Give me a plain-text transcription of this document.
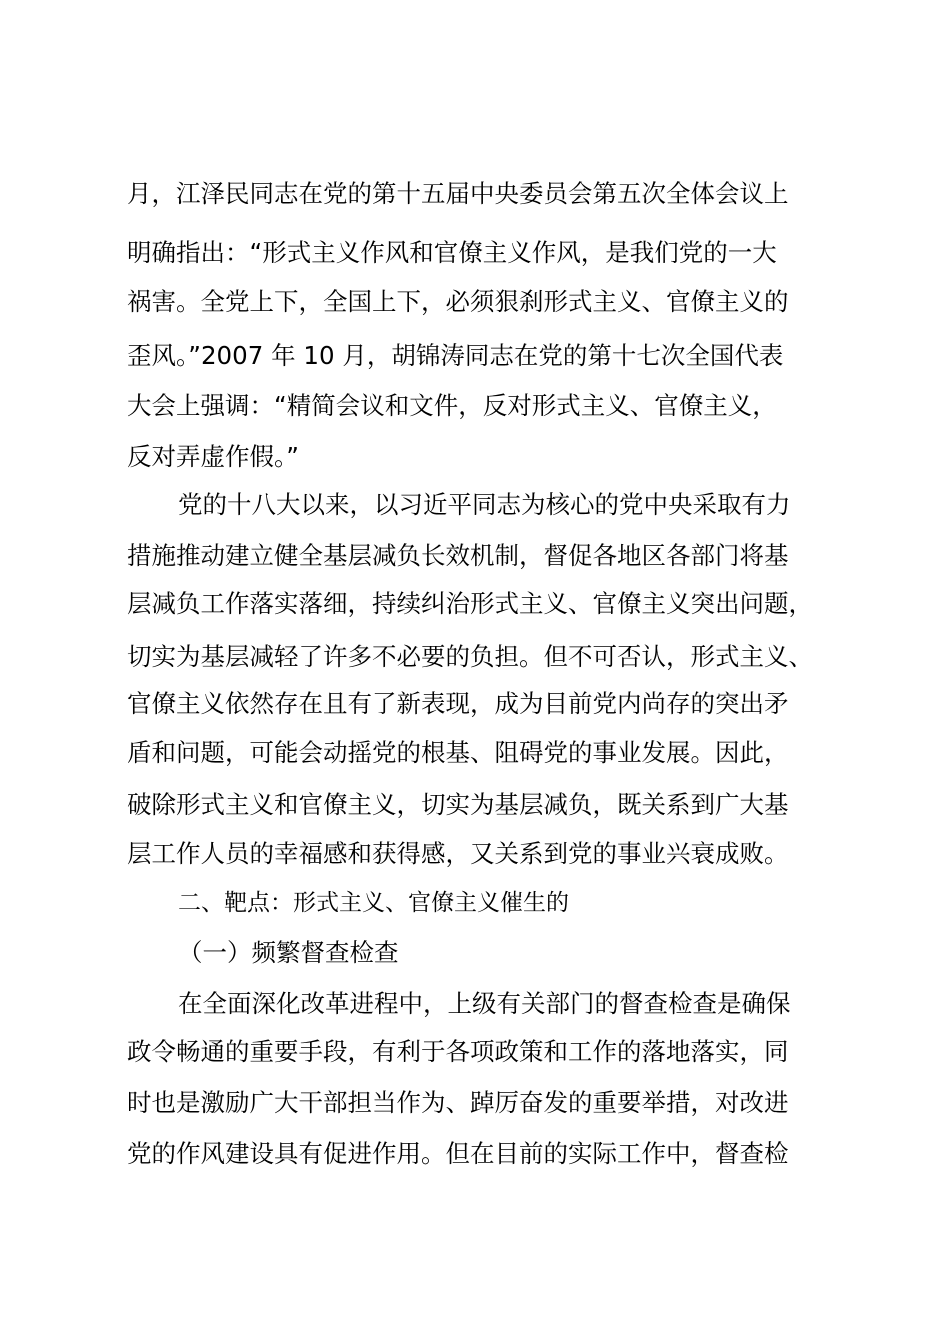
月，江泽民同志在党的第十五届中央委员会第五次全体会议上
明确指出：“形式主义作风和官僚主义作风，是我们党的一大
祸害。全党上下，全国上下，必须狠刹形式主义、官僚主义的
歪风。”2007 年 10 月，胡锦涛同志在党的第十七次全国代表
大会上强调：“精简会议和文件，反对形式主义、官僚主义，
反对弄虚作假。”
党的十八大以来，以习近平同志为核心的党中央采取有力
措施推动建立健全基层减负长效机制，督促各地区各部门将基
层减负工作落实落细，持续纠治形式主义、官僚主义突出问题，
切实为基层减轻了许多不必要的负担。但不可否认，形式主义、
官僚主义依然存在且有了新表现，成为目前党内尚存的突出矛
盾和问题，可能会动摇党的根基、阻碍党的事业发展。因此，
破除形式主义和官僚主义，切实为基层减负，既关系到广大基
层工作人员的幸福感和获得感，又关系到党的事业兴衰成败。
二、靶点：形式主义、官僚主义催生的
（一）频繁督查检查
在全面深化改革进程中，上级有关部门的督查检查是确保
政令畅通的重要手段，有利于各项政策和工作的落地落实，同
时也是激励广大干部担当作为、踔厉奋发的重要举措，对改进
党的作风建设具有促进作用。但在目前的实际工作中，督查检
